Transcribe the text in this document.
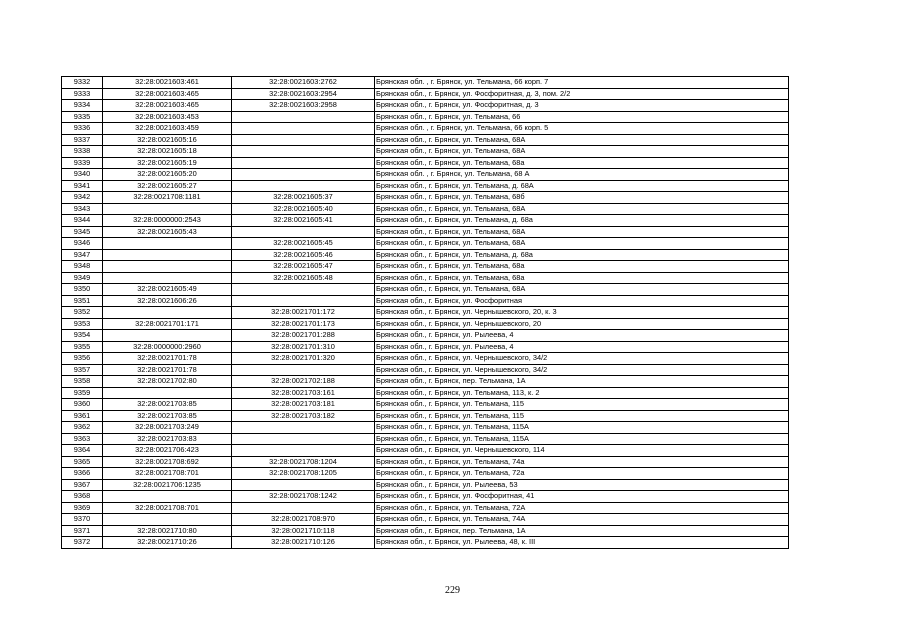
9332	32:28:0021603:461	32:28:0021603:2762	Брянская обл. , г. Брянск, ул. Тельмана, 66 корп. 7
9333	32:28:0021603:465	32:28:0021603:2954	Брянская обл., г. Брянск, ул. Фосфоритная, д. 3, пом. 2/2
9334	32:28:0021603:465	32:28:0021603:2958	Брянская обл., г. Брянск, ул. Фосфоритная, д. 3
9335	32:28:0021603:453		Брянская обл., г. Брянск, ул. Тельмана, 66
9336	32:28:0021603:459		Брянская обл. , г. Брянск, ул. Тельмана, 66 корп. 5
9337	32:28:0021605:16		Брянская обл., г. Брянск, ул. Тельмана, 68А
9338	32:28:0021605:18		Брянская обл., г. Брянск, ул. Тельмана, 68А
9339	32:28:0021605:19		Брянская обл., г. Брянск, ул. Тельмана, 68а
9340	32:28:0021605:20		Брянская обл. , г. Брянск, ул. Тельмана, 68 А
9341	32:28:0021605:27		Брянская обл., г. Брянск, ул. Тельмана, д. 68А
9342	32:28:0021708:1181	32:28:0021605:37	Брянская обл., г. Брянск, ул. Тельмана, 68б
9343		32:28:0021605:40	Брянская обл., г. Брянск, ул. Тельмана, 68А
9344	32:28:0000000:2543	32:28:0021605:41	Брянская обл., г. Брянск, ул. Тельмана, д. 68а
9345	32:28:0021605:43		Брянская обл., г. Брянск, ул. Тельмана, 68А
9346		32:28:0021605:45	Брянская обл., г. Брянск, ул. Тельмана, 68А
9347		32:28:0021605:46	Брянская обл., г. Брянск, ул. Тельмана, д. 68а
9348		32:28:0021605:47	Брянская обл., г. Брянск, ул. Тельмана, 68а
9349		32:28:0021605:48	Брянская обл., г. Брянск, ул. Тельмана, 68а
9350	32:28:0021605:49		Брянская обл., г. Брянск, ул. Тельмана, 68А
9351	32:28:0021606:26		Брянская обл., г. Брянск, ул. Фосфоритная
9352		32:28:0021701:172	Брянская обл., г. Брянск, ул. Чернышевского, 20, к. 3
9353	32:28:0021701:171	32:28:0021701:173	Брянская обл., г. Брянск, ул. Чернышевского, 20
9354		32:28:0021701:288	Брянская обл., г. Брянск, ул. Рылеева, 4
9355	32:28:0000000:2960	32:28:0021701:310	Брянская обл., г. Брянск, ул. Рылеева, 4
9356	32:28:0021701:78	32:28:0021701:320	Брянская обл., г. Брянск, ул. Чернышевского, 34/2
9357	32:28:0021701:78		Брянская обл., г. Брянск, ул. Чернышевского, 34/2
9358	32:28:0021702:80	32:28:0021702:188	Брянская обл., г. Брянск, пер. Тельмана, 1А
9359		32:28:0021703:161	Брянская обл., г. Брянск, ул. Тельмана, 113, к. 2
9360	32:28:0021703:85	32:28:0021703:181	Брянская обл., г. Брянск, ул. Тельмана, 115
9361	32:28:0021703:85	32:28:0021703:182	Брянская обл., г. Брянск, ул. Тельмана, 115
9362	32:28:0021703:249		Брянская обл., г. Брянск, ул. Тельмана, 115А
9363	32:28:0021703:83		Брянская обл., г. Брянск, ул. Тельмана, 115А
9364	32:28:0021706:423		Брянская обл., г. Брянск, ул. Чернышевского, 114
9365	32:28:0021708:692	32:28:0021708:1204	Брянская обл., г. Брянск, ул. Тельмана, 74а
9366	32:28:0021708:701	32:28:0021708:1205	Брянская обл., г. Брянск, ул. Тельмана, 72а
9367	32:28:0021706:1235		Брянская обл., г. Брянск, ул. Рылеева, 53
9368		32:28:0021708:1242	Брянская обл., г. Брянск, ул. Фосфоритная, 41
9369	32:28:0021708:701		Брянская обл., г. Брянск, ул. Тельмана, 72А
9370		32:28:0021708:970	Брянская обл., г. Брянск, ул. Тельмана, 74А
9371	32:28:0021710:80	32:28:0021710:118	Брянская обл., г. Брянск, пер. Тельмана, 1А
9372	32:28:0021710:26	32:28:0021710:126	Брянская обл., г. Брянск, ул. Рылеева, 48, к. III
229
